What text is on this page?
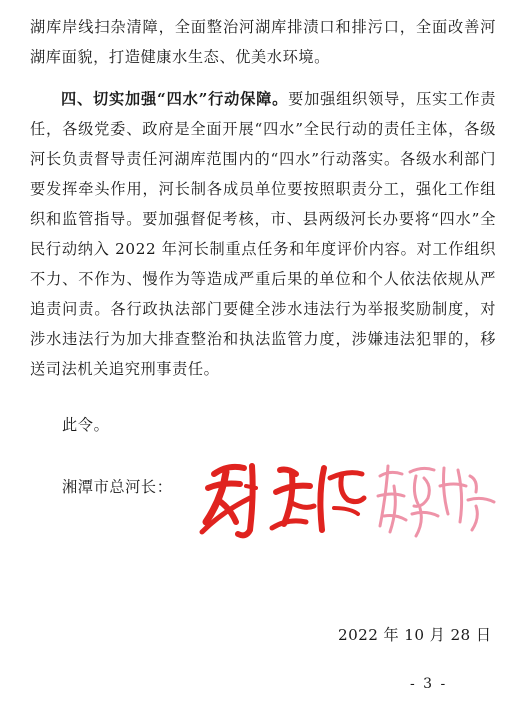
湖库岸线扫杂清障，全面整治河湖库排渍口和排污口，全面改善河湖库面貌，打造健康水生态、优美水环境。

四、切实加强“四水”行动保障。要加强组织领导，压实工作责任，各级党委、政府是全面开展“四水”全民行动的责任主体，各级河长负责督导责任河湖库范围内的“四水”行动落实。各级水利部门要发挥牵头作用，河长制各成员单位要按照职责分工，强化工作组织和监管指导。要加强督促考核，市、县两级河长办要将“四水”全民行动纳入 2022 年河长制重点任务和年度评价内容。对工作组织不力、不作为、慢作为等造成严重后果的单位和个人依法依规从严追责问责。各行政执法部门要健全涉水违法行为举报奖励制度，对涉水违法行为加大排查整治和执法监管力度，涉嫌违法犯罪的，移送司法机关追究刑事责任。

此令。

湘潭市总河长：

2022 年 10 月 28 日

- 3 -
